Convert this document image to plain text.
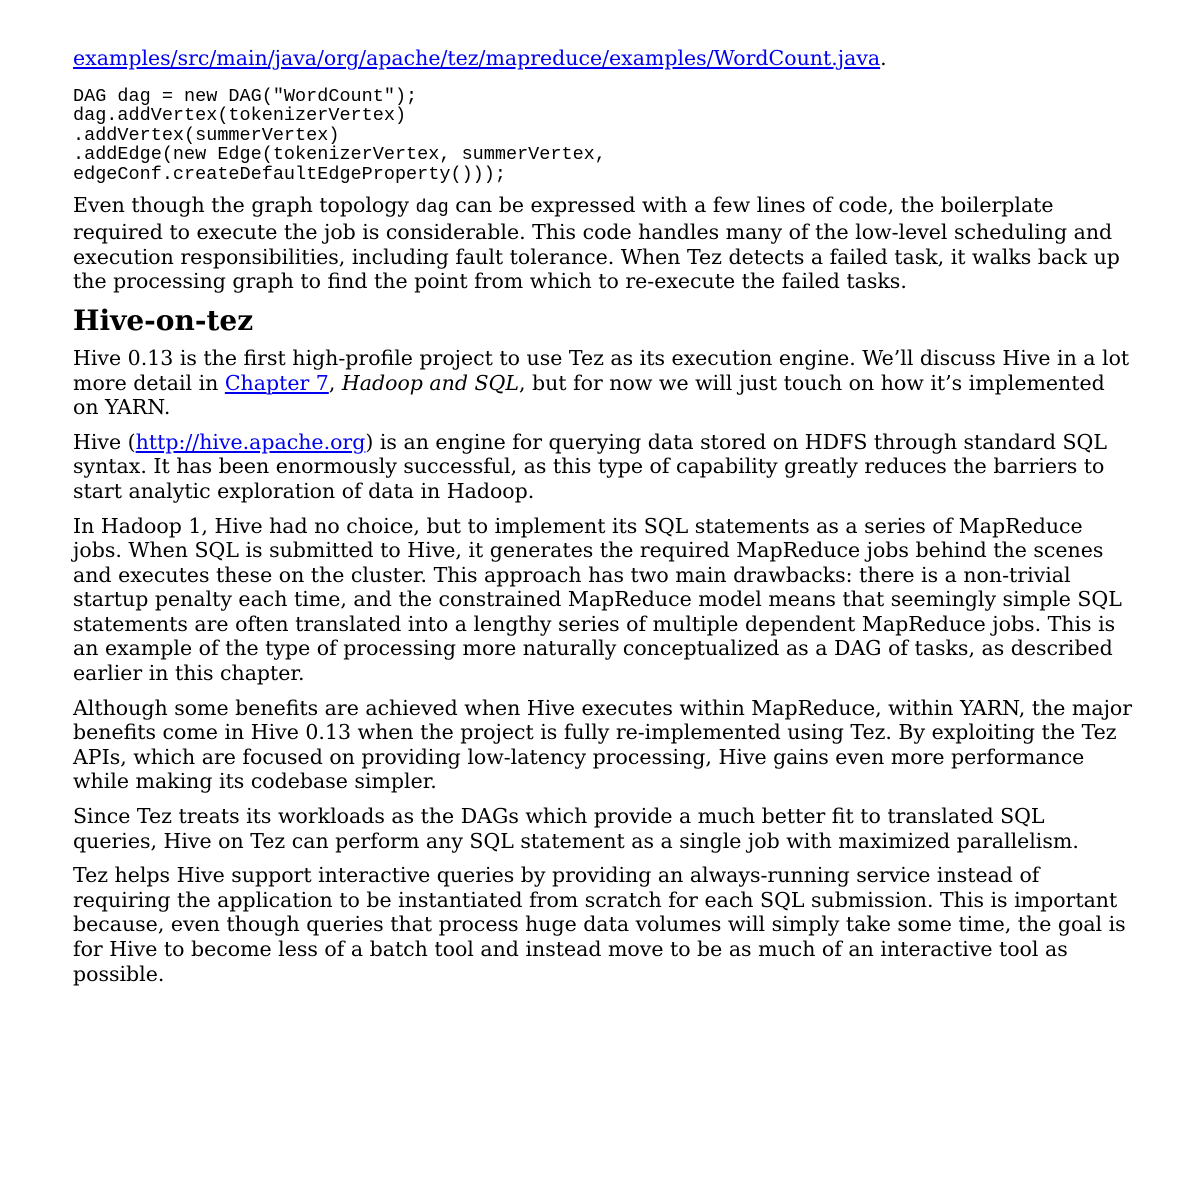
examples/src/main/java/org/apache/tez/mapreduce/examples/WordCount.java.

DAG dag = new DAG("WordCount");
dag.addVertex(tokenizerVertex)
.addVertex(summerVertex)
.addEdge(new Edge(tokenizerVertex, summerVertex,
edgeConf.createDefaultEdgeProperty()));

Even though the graph topology dag can be expressed with a few lines of code, the boilerplate required to execute the job is considerable. This code handles many of the low-level scheduling and execution responsibilities, including fault tolerance. When Tez detects a failed task, it walks back up the processing graph to find the point from which to re-execute the failed tasks.

Hive-on-tez

Hive 0.13 is the first high-profile project to use Tez as its execution engine. We’ll discuss Hive in a lot more detail in Chapter 7, Hadoop and SQL, but for now we will just touch on how it’s implemented on YARN.

Hive (http://hive.apache.org) is an engine for querying data stored on HDFS through standard SQL syntax. It has been enormously successful, as this type of capability greatly reduces the barriers to start analytic exploration of data in Hadoop.

In Hadoop 1, Hive had no choice, but to implement its SQL statements as a series of MapReduce jobs. When SQL is submitted to Hive, it generates the required MapReduce jobs behind the scenes and executes these on the cluster. This approach has two main drawbacks: there is a non-trivial startup penalty each time, and the constrained MapReduce model means that seemingly simple SQL statements are often translated into a lengthy series of multiple dependent MapReduce jobs. This is an example of the type of processing more naturally conceptualized as a DAG of tasks, as described earlier in this chapter.

Although some benefits are achieved when Hive executes within MapReduce, within YARN, the major benefits come in Hive 0.13 when the project is fully re-implemented using Tez. By exploiting the Tez APIs, which are focused on providing low-latency processing, Hive gains even more performance while making its codebase simpler.

Since Tez treats its workloads as the DAGs which provide a much better fit to translated SQL queries, Hive on Tez can perform any SQL statement as a single job with maximized parallelism.

Tez helps Hive support interactive queries by providing an always-running service instead of requiring the application to be instantiated from scratch for each SQL submission. This is important because, even though queries that process huge data volumes will simply take some time, the goal is for Hive to become less of a batch tool and instead move to be as much of an interactive tool as possible.
